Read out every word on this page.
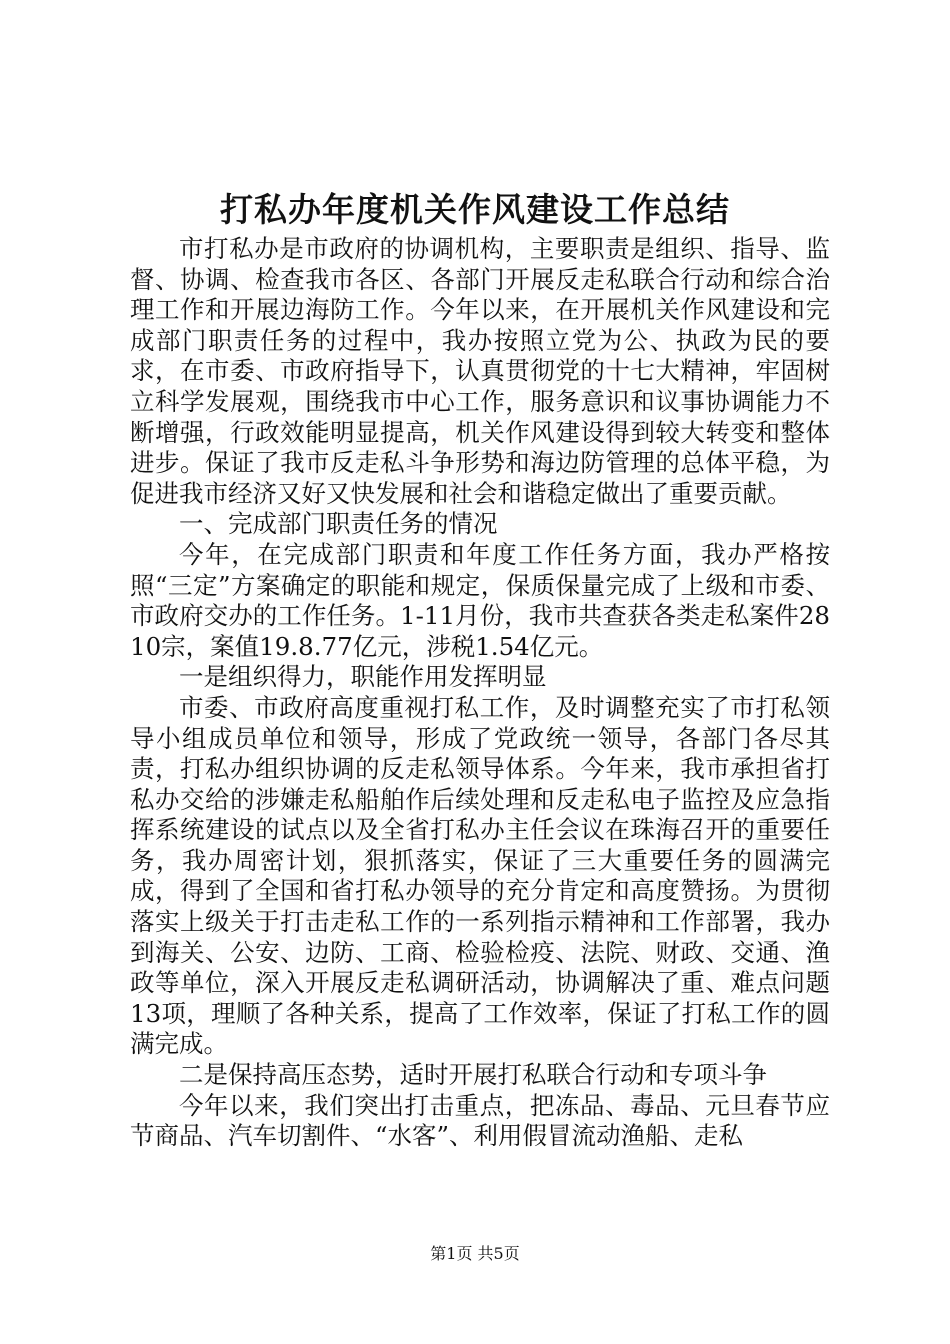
打私办年度机关作风建设工作总结

市打私办是市政府的协调机构，主要职责是组织、指导、监督、协调、检查我市各区、各部门开展反走私联合行动和综合治理工作和开展边海防工作。今年以来，在开展机关作风建设和完成部门职责任务的过程中，我办按照立党为公、执政为民的要求，在市委、市政府指导下，认真贯彻党的十七大精神，牢固树立科学发展观，围绕我市中心工作，服务意识和议事协调能力不断增强，行政效能明显提高，机关作风建设得到较大转变和整体进步。保证了我市反走私斗争形势和海边防管理的总体平稳，为促进我市经济又好又快发展和社会和谐稳定做出了重要贡献。

一、完成部门职责任务的情况

今年，在完成部门职责和年度工作任务方面，我办严格按照“三定”方案确定的职能和规定，保质保量完成了上级和市委、市政府交办的工作任务。1-11月份，我市共查获各类走私案件2810宗，案值19.8.77亿元，涉税1.54亿元。

一是组织得力，职能作用发挥明显

市委、市政府高度重视打私工作，及时调整充实了市打私领导小组成员单位和领导，形成了党政统一领导，各部门各尽其责，打私办组织协调的反走私领导体系。今年来，我市承担省打私办交给的涉嫌走私船舶作后续处理和反走私电子监控及应急指挥系统建设的试点以及全省打私办主任会议在珠海召开的重要任务，我办周密计划，狠抓落实，保证了三大重要任务的圆满完成，得到了全国和省打私办领导的充分肯定和高度赞扬。为贯彻落实上级关于打击走私工作的一系列指示精神和工作部署，我办到海关、公安、边防、工商、检验检疫、法院、财政、交通、渔政等单位，深入开展反走私调研活动，协调解决了重、难点问题13项，理顺了各种关系，提高了工作效率，保证了打私工作的圆满完成。

二是保持高压态势，适时开展打私联合行动和专项斗争

今年以来，我们突出打击重点，把冻品、毒品、元旦春节应节商品、汽车切割件、“水客”、利用假冒流动渔船、走私

第1页 共5页
